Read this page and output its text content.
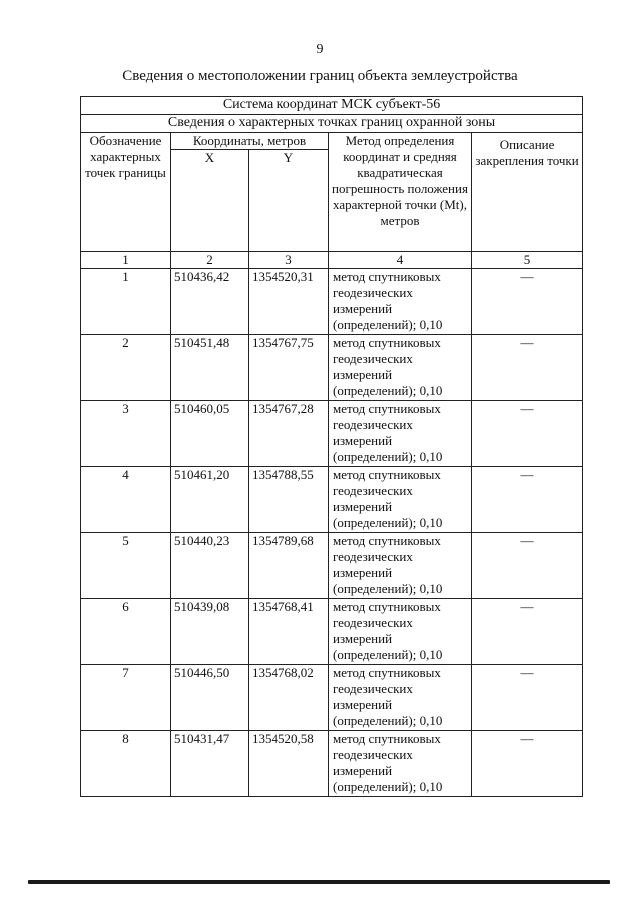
9
Сведения о местоположении границ объекта землеустройства
Система координат МСК субъект-56				
Сведения о характерных точках границ охранной зоны				
Обозначение характерных точек границы	Координаты, метров		Метод определения координат и средняя квадратическая погрешность положения характерной точки (Mt), метров	Описание закрепления точки
	X	Y		
1	2	3	4	5
1	510436,42	1354520,31	метод спутниковых геодезических измерений (определений); 0,10	—
2	510451,48	1354767,75	метод спутниковых геодезических измерений (определений); 0,10	—
3	510460,05	1354767,28	метод спутниковых геодезических измерений (определений); 0,10	—
4	510461,20	1354788,55	метод спутниковых геодезических измерений (определений); 0,10	—
5	510440,23	1354789,68	метод спутниковых геодезических измерений (определений); 0,10	—
6	510439,08	1354768,41	метод спутниковых геодезических измерений (определений); 0,10	—
7	510446,50	1354768,02	метод спутниковых геодезических измерений (определений); 0,10	—
8	510431,47	1354520,58	метод спутниковых геодезических измерений (определений); 0,10	—
